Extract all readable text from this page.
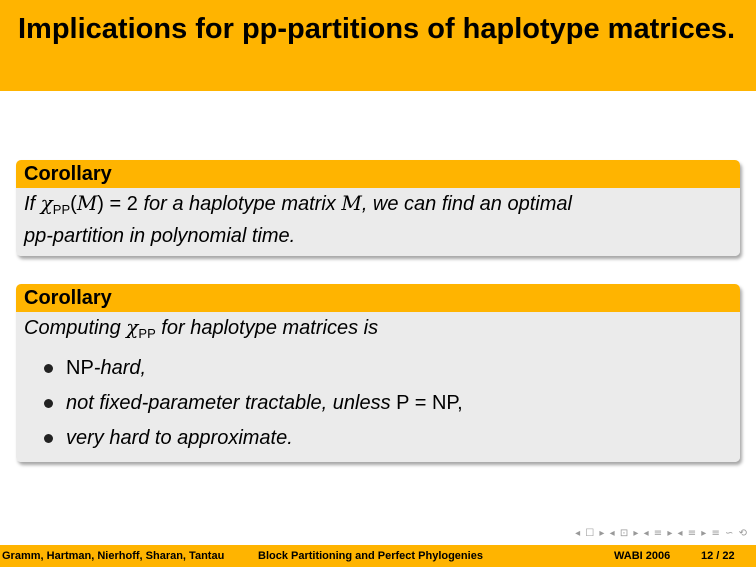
Implications for pp-partitions of haplotype matrices.
Corollary
If $\chi_{PP}(M) = 2$ for a haplotype matrix M, we can find an optimal
pp-partition in polynomial time.
Corollary
Computing $\chi_{PP}$ for haplotype matrices is
NP-hard,
not fixed-parameter tractable, unless P = NP,
very hard to approximate.
◂ ☐ ▸ ◂ ⊡ ▸ ◂ ≡ ▸ ◂ ≡ ▸ ≡ ∽ ⟲
Gramm, Hartman, Nierhoff, Sharan, Tantau	Block Partitioning and Perfect Phylogenies	WABI 2006	12 / 22
